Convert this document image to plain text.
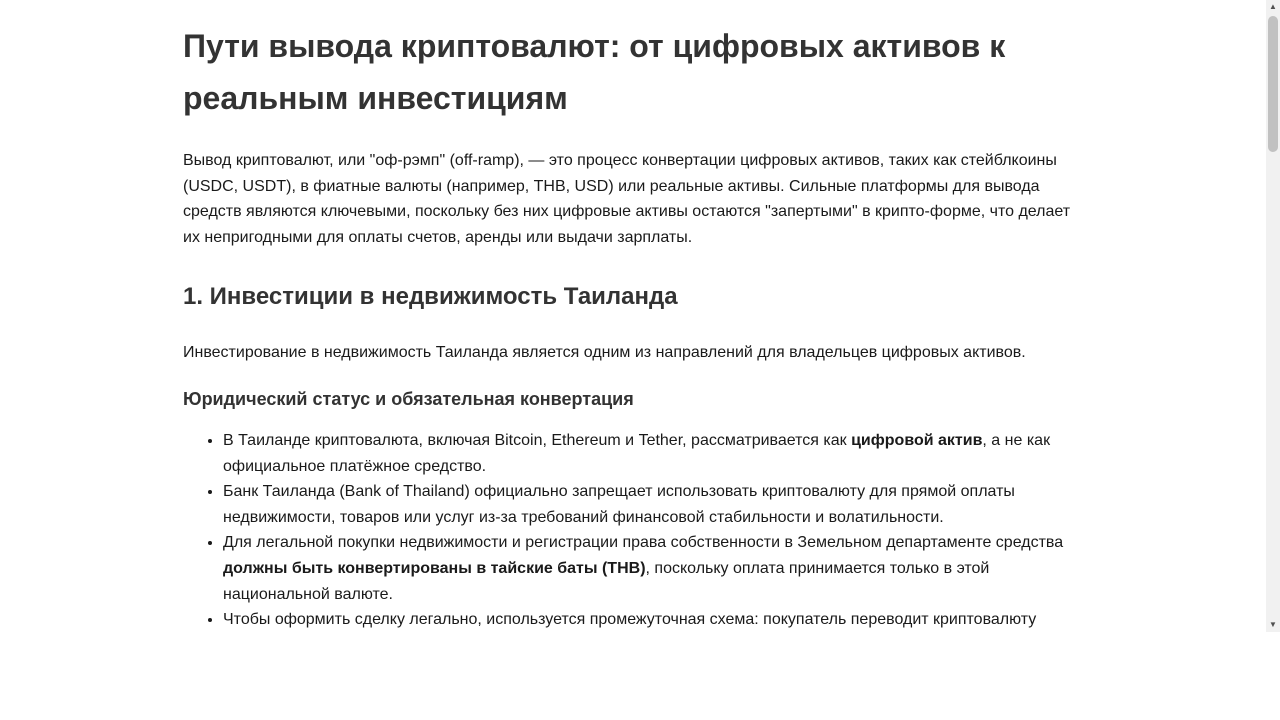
Пути вывода криптовалют: от цифровых активов к реальным инвестициям

Вывод криптовалют, или "оф-рэмп" (off-ramp), — это процесс конвертации цифровых активов, таких как стейблкоины (USDC, USDT), в фиатные валюты (например, THB, USD) или реальные активы. Сильные платформы для вывода средств являются ключевыми, поскольку без них цифровые активы остаются "запертыми" в крипто-форме, что делает их непригодными для оплаты счетов, аренды или выдачи зарплаты.

1. Инвестиции в недвижимость Таиланда

Инвестирование в недвижимость Таиланда является одним из направлений для владельцев цифровых активов.

Юридический статус и обязательная конвертация
• В Таиланде криптовалюта, включая Bitcoin, Ethereum и Tether, рассматривается как цифровой актив, а не как официальное платёжное средство.
• Банк Таиланда (Bank of Thailand) официально запрещает использовать криптовалюту для прямой оплаты недвижимости, товаров или услуг из-за требований финансовой стабильности и волатильности.
• Для легальной покупки недвижимости и регистрации права собственности в Земельном департаменте средства должны быть конвертированы в тайские баты (THB), поскольку оплата принимается только в этой национальной валюте.
• Чтобы оформить сделку легально, используется промежуточная схема: покупатель переводит криптовалюту
▲
▼
